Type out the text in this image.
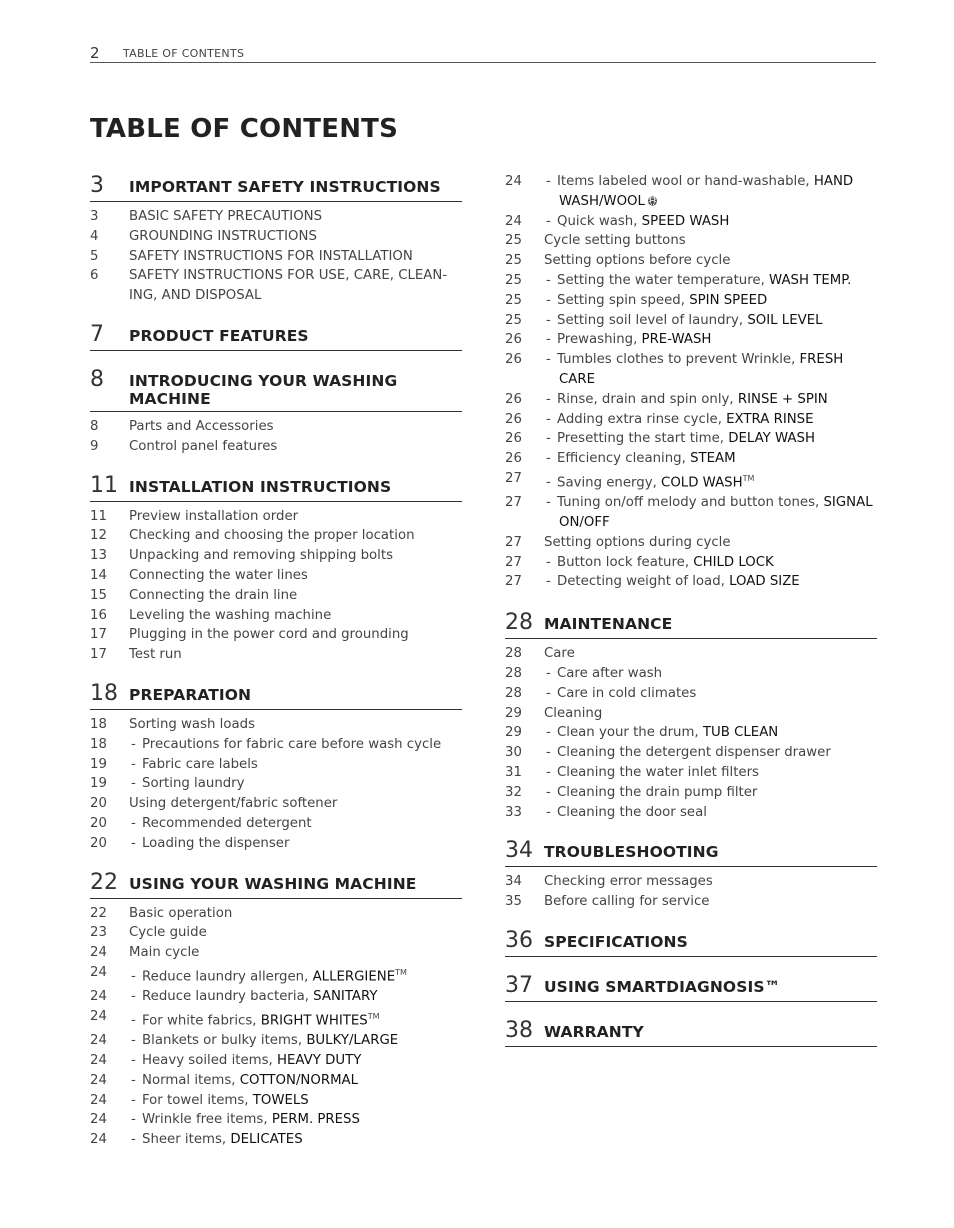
2 TABLE OF CONTENTS
TABLE OF CONTENTS
3	IMPORTANT SAFETY INSTRUCTIONS
3	BASIC SAFETY PRECAUTIONS
4	GROUNDING INSTRUCTIONS
5	SAFETY INSTRUCTIONS FOR INSTALLATION
6	SAFETY INSTRUCTIONS FOR USE, CARE, CLEAN-
ING, AND DISPOSAL
7	PRODUCT FEATURES
8	INTRODUCING YOUR WASHING MACHINE
8	Parts and Accessories
9	Control panel features
11 INSTALLATION INSTRUCTIONS
11	Preview installation order
12	Checking and choosing the proper location
13	Unpacking and removing shipping bolts
14	Connecting the water lines
15	Connecting the drain line
16	Leveling the washing machine
17	Plugging in the power cord and grounding
17	Test run
18 PREPARATION
18	Sorting wash loads
18	- Precautions for fabric care before wash cycle
19	- Fabric care labels
19	- Sorting laundry
20	Using detergent/fabric softener
20	- Recommended detergent
20	- Loading the dispenser
22 USING YOUR WASHING MACHINE
22	Basic operation
23	Cycle guide
24	Main cycle
24	- Reduce laundry allergen, ALLERGIENE™
24	- Reduce laundry bacteria, SANITARY
24	- For white fabrics, BRIGHT WHITES™
24	- Blankets or bulky items, BULKY/LARGE
24	- Heavy soiled items, HEAVY DUTY
24	- Normal items, COTTON/NORMAL
24	- For towel items, TOWELS
24	- Wrinkle free items, PERM. PRESS
24	- Sheer items, DELICATES
24	- Items labeled wool or hand-washable, HAND
WASH/WOOL
24	- Quick wash, SPEED WASH
25	Cycle setting buttons
25	Setting options before cycle
25	- Setting the water temperature, WASH TEMP.
25	- Setting spin speed, SPIN SPEED
25	- Setting soil level of laundry, SOIL LEVEL
26	- Prewashing, PRE-WASH
26	- Tumbles clothes to prevent Wrinkle, FRESH
CARE
26	- Rinse, drain and spin only, RINSE + SPIN
26	- Adding extra rinse cycle, EXTRA RINSE
26	- Presetting the start time, DELAY WASH
26	- Efficiency cleaning, STEAM
27	- Saving energy, COLD WASH™
27	- Tuning on/off melody and button tones, SIGNAL
ON/OFF
27	Setting options during cycle
27	- Button lock feature, CHILD LOCK
27	- Detecting weight of load, LOAD SIZE
28 MAINTENANCE
28	Care
28	- Care after wash
28	- Care in cold climates
29	Cleaning
29	- Clean your the drum, TUB CLEAN
30	- Cleaning the detergent dispenser drawer
31	- Cleaning the water inlet filters
32	- Cleaning the drain pump filter
33	- Cleaning the door seal
34 TROUBLESHOOTING
34	Checking error messages
35	Before calling for service
36 SPECIFICATIONS
37 USING SMARTDIAGNOSIS™
38 WARRANTY
